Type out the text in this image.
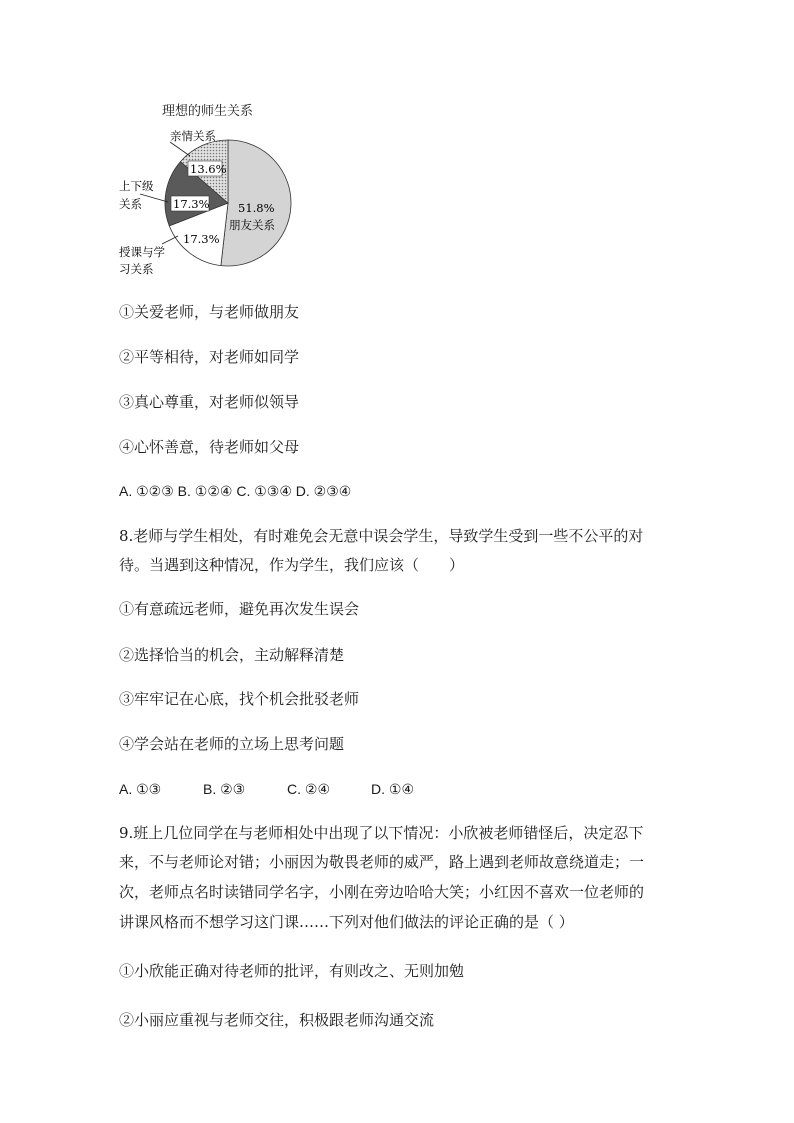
理想的师生关系
亲情关系
上下级
关系
授课与学
习关系
13.6%
17.3%
17.3%
51.8%
朋友关系
①关爱老师，与老师做朋友
②平等相待，对老师如同学
③真心尊重，对老师似领导
④心怀善意，待老师如父母
A. ①②③ B. ①②④ C. ①③④ D. ②③④
8.老师与学生相处，有时难免会无意中误会学生，导致学生受到一些不公平的对
待。当遇到这种情况，作为学生，我们应该（　　）
①有意疏远老师，避免再次发生误会
②选择恰当的机会，主动解释清楚
③牢牢记在心底，找个机会批驳老师
④学会站在老师的立场上思考问题
A. ①③	B. ②③	C. ②④	D. ①④
9.班上几位同学在与老师相处中出现了以下情况：小欣被老师错怪后，决定忍下
来，不与老师论对错；小丽因为敬畏老师的威严，路上遇到老师故意绕道走；一
次，老师点名时读错同学名字，小刚在旁边哈哈大笑；小红因不喜欢一位老师的
讲课风格而不想学习这门课……下列对他们做法的评论正确的是（ ）
①小欣能正确对待老师的批评，有则改之、无则加勉
②小丽应重视与老师交往，积极跟老师沟通交流
